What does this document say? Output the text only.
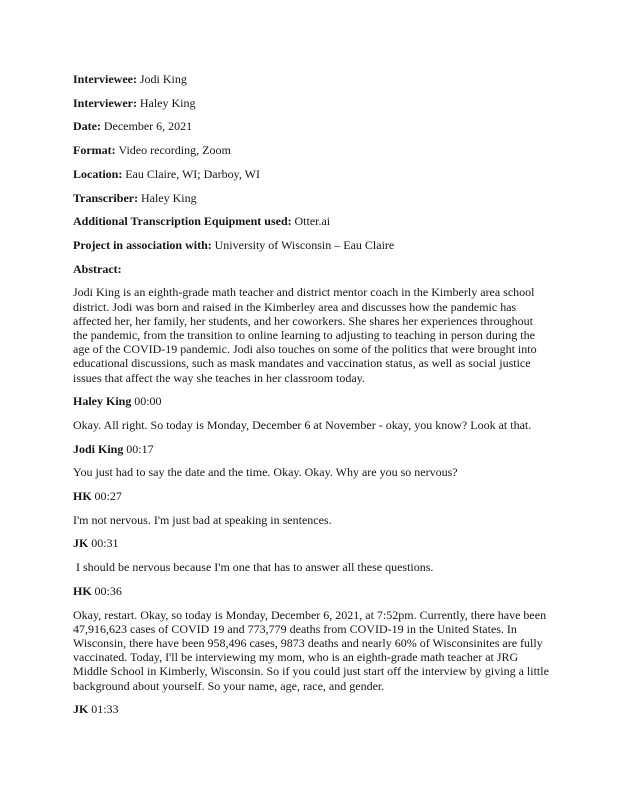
Interviewee: Jodi King

Interviewer: Haley King

Date: December 6, 2021

Format: Video recording, Zoom

Location: Eau Claire, WI; Darboy, WI

Transcriber: Haley King

Additional Transcription Equipment used: Otter.ai

Project in association with: University of Wisconsin – Eau Claire

Abstract:

Jodi King is an eighth-grade math teacher and district mentor coach in the Kimberly area school district. Jodi was born and raised in the Kimberley area and discusses how the pandemic has affected her, her family, her students, and her coworkers. She shares her experiences throughout the pandemic, from the transition to online learning to adjusting to teaching in person during the age of the COVID-19 pandemic. Jodi also touches on some of the politics that were brought into educational discussions, such as mask mandates and vaccination status, as well as social justice issues that affect the way she teaches in her classroom today.

Haley King 00:00

Okay. All right. So today is Monday, December 6 at November - okay, you know? Look at that.

Jodi King 00:17

You just had to say the date and the time. Okay. Okay. Why are you so nervous?

HK 00:27

I'm not nervous. I'm just bad at speaking in sentences.

JK 00:31

I should be nervous because I'm one that has to answer all these questions.

HK 00:36

Okay, restart. Okay, so today is Monday, December 6, 2021, at 7:52pm. Currently, there have been 47,916,623 cases of COVID 19 and 773,779 deaths from COVID-19 in the United States. In Wisconsin, there have been 958,496 cases, 9873 deaths and nearly 60% of Wisconsinites are fully vaccinated. Today, I'll be interviewing my mom, who is an eighth-grade math teacher at JRG Middle School in Kimberly, Wisconsin. So if you could just start off the interview by giving a little background about yourself. So your name, age, race, and gender.

JK 01:33
